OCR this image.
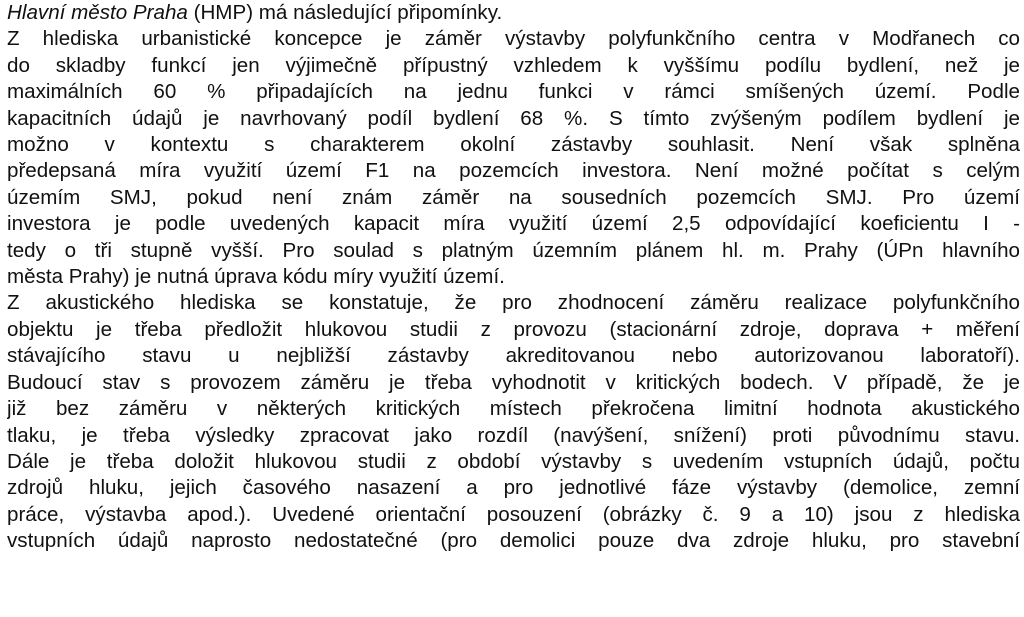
Hlavní město Praha (HMP) má následující připomínky.

Z hlediska urbanistické koncepce je záměr výstavby polyfunkčního centra v Modřanech co
do skladby funkcí jen výjimečně přípustný vzhledem k vyššímu podílu bydlení, než je
maximálních 60 % připadajících na jednu funkci v rámci smíšených území. Podle
kapacitních údajů je navrhovaný podíl bydlení 68 %. S tímto zvýšeným podílem bydlení je
možno v kontextu s charakterem okolní zástavby souhlasit. Není však splněna
předepsaná míra využití území F1 na pozemcích investora. Není možné počítat s celým
územím SMJ, pokud není znám záměr na sousedních pozemcích SMJ. Pro území
investora je podle uvedených kapacit míra využití území 2,5 odpovídající koeficientu I -
tedy o tři stupně vyšší. Pro soulad s platným územním plánem hl. m. Prahy (ÚPn hlavního
města Prahy) je nutná úprava kódu míry využití území.
Z akustického hlediska se konstatuje, že pro zhodnocení záměru realizace polyfunkčního
objektu je třeba předložit hlukovou studii z provozu (stacionární zdroje, doprava + měření
stávajícího stavu u nejbližší zástavby akreditovanou nebo autorizovanou laboratoří).
Budoucí stav s provozem záměru je třeba vyhodnotit v kritických bodech. V případě, že je
již bez záměru v některých kritických místech překročena limitní hodnota akustického
tlaku, je třeba výsledky zpracovat jako rozdíl (navýšení, snížení) proti původnímu stavu.
Dále je třeba doložit hlukovou studii z období výstavby s uvedením vstupních údajů, počtu
zdrojů hluku, jejich časového nasazení a pro jednotlivé fáze výstavby (demolice, zemní
práce, výstavba apod.). Uvedené orientační posouzení (obrázky č. 9 a 10) jsou z hlediska
vstupních údajů naprosto nedostatečné (pro demolici pouze dva zdroje hluku, pro stavební
